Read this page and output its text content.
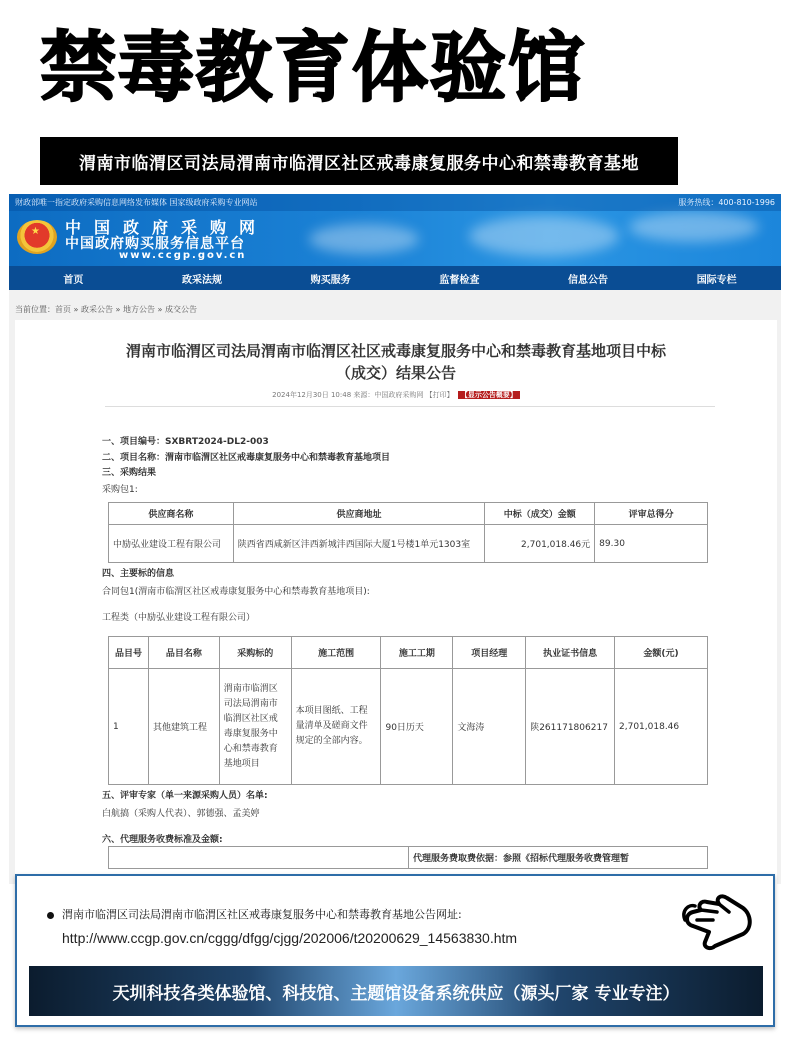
禁毒教育体验馆
渭南市临渭区司法局渭南市临渭区社区戒毒康复服务中心和禁毒教育基地
财政部唯一指定政府采购信息网络发布媒体 国家级政府采购专业网站	服务热线：400-810-1996
★ 中国政府采购网
中国政府购买服务信息平台
www.ccgp.gov.cn
首页	政采法规	购买服务	监督检查	信息公告	国际专栏
当前位置：首页 » 政采公告 » 地方公告 » 成交公告
渭南市临渭区司法局渭南市临渭区社区戒毒康复服务中心和禁毒教育基地项目中标
（成交）结果公告
2024年12月30日 10:48 来源：中国政府采购网 【打印】 【显示公告概要】
一、项目编号：SXBRT2024-DL2-003
二、项目名称：渭南市临渭区社区戒毒康复服务中心和禁毒教育基地项目
三、采购结果
采购包1:
供应商名称	供应商地址	中标（成交）金额	评审总得分
中励弘业建设工程有限公司	陕西省西咸新区沣西新城沣西国际大厦1号楼1单元1303室	2,701,018.46元	89.30
四、主要标的信息
合同包1(渭南市临渭区社区戒毒康复服务中心和禁毒教育基地项目):
工程类（中励弘业建设工程有限公司）
品目号	品目名称	采购标的	施工范围	施工工期	项目经理	执业证书信息	金额(元)
1	其他建筑工程	渭南市临渭区司法局渭南市临渭区社区戒毒康复服务中心和禁毒教育基地项目	本项目图纸、工程量清单及磋商文件规定的全部内容。	90日历天	文海涛	陕261171806217	2,701,018.46
五、评审专家（单一来源采购人员）名单:
白航搞（采购人代表）、郭德强、孟美婷
六、代理服务收费标准及金额:
	代理服务费取费依据：参照《招标代理服务收费管理暂
渭南市临渭区司法局渭南市临渭区社区戒毒康复服务中心和禁毒教育基地公告网址:
http://www.ccgp.gov.cn/cggg/dfgg/cjgg/202006/t20200629_14563830.htm
天圳科技各类体验馆、科技馆、主题馆设备系统供应（源头厂家 专业专注）
